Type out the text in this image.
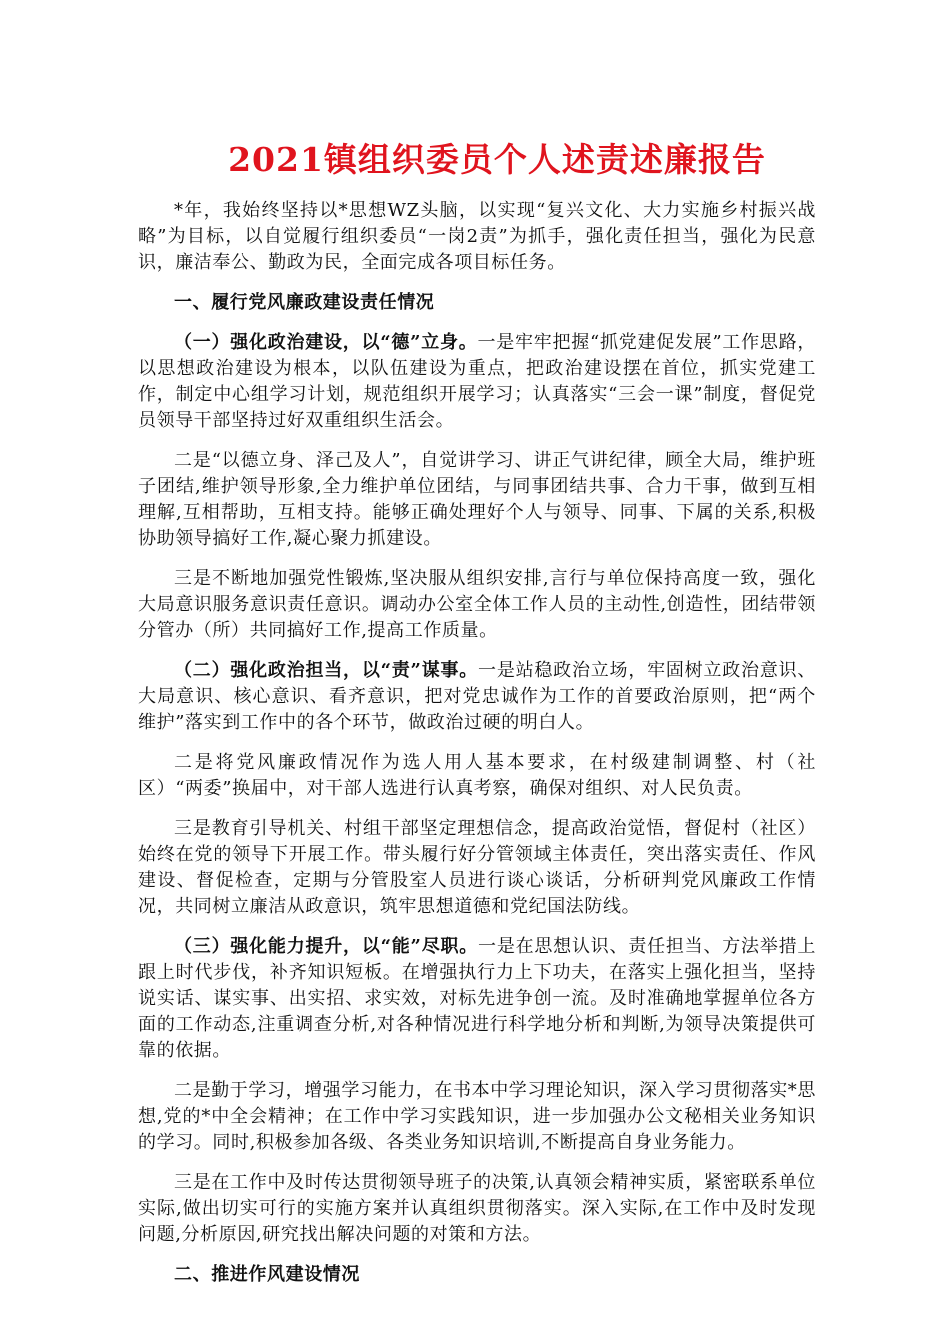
2021镇组织委员个人述责述廉报告

*年，我始终坚持以*思想WZ头脑，以实现“复兴文化、大力实施乡村振兴战略”为目标，以自觉履行组织委员“一岗2责”为抓手，强化责任担当，强化为民意识，廉洁奉公、勤政为民，全面完成各项目标任务。

一、履行党风廉政建设责任情况

（一）强化政治建设，以“德”立身。一是牢牢把握“抓党建促发展”工作思路，以思想政治建设为根本，以队伍建设为重点，把政治建设摆在首位，抓实党建工作，制定中心组学习计划，规范组织开展学习；认真落实“三会一课”制度，督促党员领导干部坚持过好双重组织生活会。

二是“以德立身、泽己及人”，自觉讲学习、讲正气讲纪律，顾全大局，维护班子团结,维护领导形象,全力维护单位团结，与同事团结共事、合力干事，做到互相理解,互相帮助，互相支持。能够正确处理好个人与领导、同事、下属的关系,积极协助领导搞好工作,凝心聚力抓建设。

三是不断地加强党性锻炼,坚决服从组织安排,言行与单位保持高度一致，强化大局意识服务意识责任意识。调动办公室全体工作人员的主动性,创造性，团结带领分管办（所）共同搞好工作,提高工作质量。

（二）强化政治担当，以“责”谋事。一是站稳政治立场，牢固树立政治意识、大局意识、核心意识、看齐意识，把对党忠诚作为工作的首要政治原则，把“两个维护”落实到工作中的各个环节，做政治过硬的明白人。

二是将党风廉政情况作为选人用人基本要求，在村级建制调整、村（社区）“两委”换届中，对干部人选进行认真考察，确保对组织、对人民负责。

三是教育引导机关、村组干部坚定理想信念，提高政治觉悟，督促村（社区）始终在党的领导下开展工作。带头履行好分管领域主体责任，突出落实责任、作风建设、督促检查，定期与分管股室人员进行谈心谈话，分析研判党风廉政工作情况，共同树立廉洁从政意识，筑牢思想道德和党纪国法防线。

（三）强化能力提升，以“能”尽职。一是在思想认识、责任担当、方法举措上跟上时代步伐，补齐知识短板。在增强执行力上下功夫，在落实上强化担当，坚持说实话、谋实事、出实招、求实效，对标先进争创一流。及时准确地掌握单位各方面的工作动态,注重调查分析,对各种情况进行科学地分析和判断,为领导决策提供可靠的依据。

二是勤于学习，增强学习能力，在书本中学习理论知识，深入学习贯彻落实*思想,党的*中全会精神；在工作中学习实践知识，进一步加强办公文秘相关业务知识的学习。同时,积极参加各级、各类业务知识培训,不断提高自身业务能力。

三是在工作中及时传达贯彻领导班子的决策,认真领会精神实质，紧密联系单位实际,做出切实可行的实施方案并认真组织贯彻落实。深入实际,在工作中及时发现问题,分析原因,研究找出解决问题的对策和方法。

二、推进作风建设情况
